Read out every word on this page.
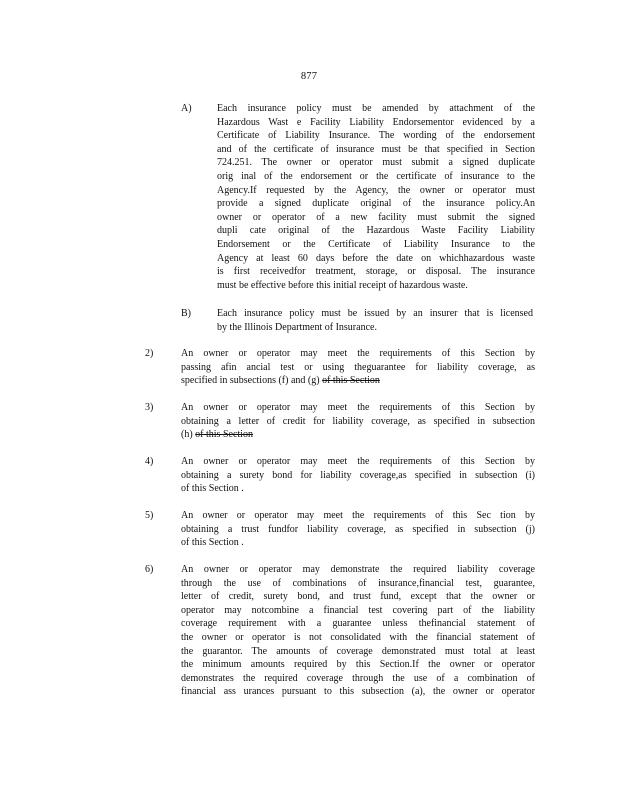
877
A)	Each insurance policy must be amended by attachment of the
Hazardous Wast e Facility Liability Endorsementor evidenced by a
Certificate of Liability Insurance. The wording of the endorsement
and of the certificate of insurance must be that specified in Section
724.251. The owner or operator must submit a signed duplicate
orig inal of the endorsement or the certificate of insurance to the
Agency.If requested by the Agency, the owner or operator must
provide a signed duplicate original of the insurance policy.An
owner or operator of a new facility must submit the signed
dupli cate original of the Hazardous Waste Facility Liability
Endorsement or the Certificate of Liability Insurance to the
Agency at least 60 days before the date on whichhazardous waste
is first receivedfor treatment, storage, or disposal. The insurance
must be effective before this initial receipt of hazardous waste.
B)	Each insurance policy must be issued by an insurer that is licensed
by the Illinois Department of Insurance.
2)	An owner or operator may meet the requirements of this Section by
passing afin ancial test or using theguarantee for liability coverage, as
specified in subsections (f) and (g) of this Section
3)	An owner or operator may meet the requirements of this Section by
obtaining a letter of credit for liability coverage, as specified in subsection
(h) of this Section
4)	An owner or operator may meet the requirements of this Section by
obtaining a surety bond for liability coverage,as specified in subsection (i)
of this Section .
5)	An owner or operator may meet the requirements of this Sec tion by
obtaining a trust fundfor liability coverage, as specified in subsection (j)
of this Section .
6)	An owner or operator may demonstrate the required liability coverage
through the use of combinations of insurance,financial test, guarantee,
letter of credit, surety bond, and trust fund, except that the owner or
operator may notcombine a financial test covering part of the liability
coverage requirement with a guarantee unless thefinancial statement of
the owner or operator is not consolidated with the financial statement of
the guarantor. The amounts of coverage demonstrated must total at least
the minimum amounts required by this Section.If the owner or operator
demonstrates the required coverage through the use of a combination of
financial ass urances pursuant to this subsection (a), the owner or operator
